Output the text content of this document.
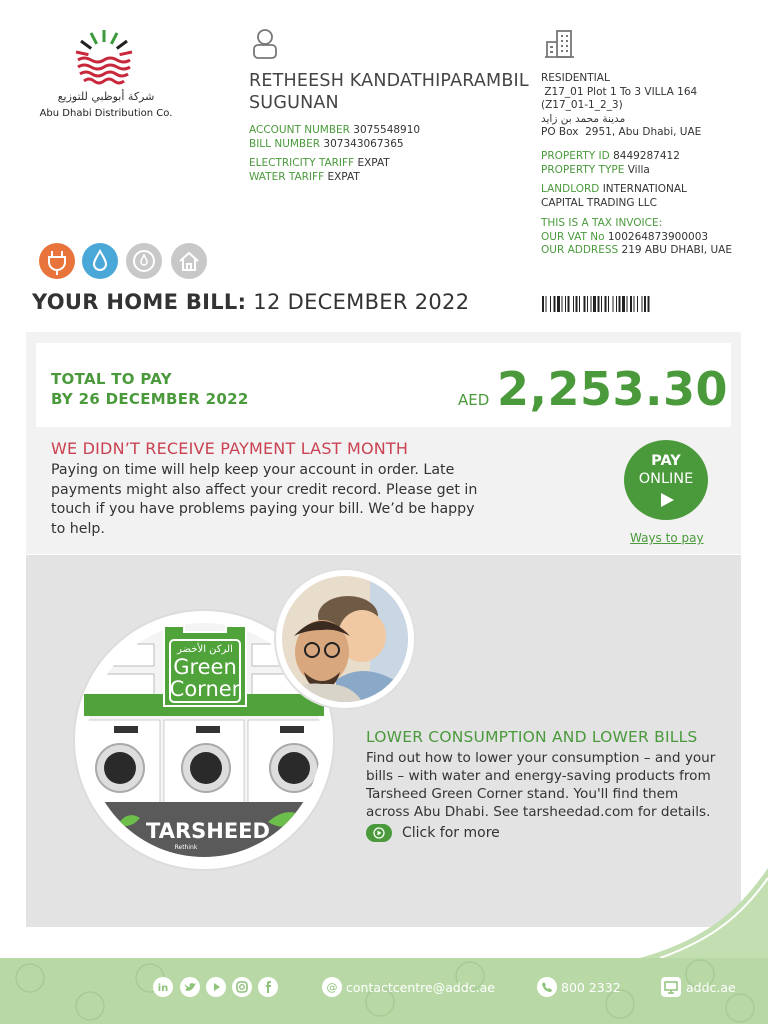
شركة أبوظبي للتوزيع
Abu Dhabi Distribution Co.
RETHEESH KANDATHIPARAMBIL SUGUNAN
ACCOUNT NUMBER 3075548910
BILL NUMBER 307343067365
ELECTRICITY TARIFF EXPAT
WATER TARIFF EXPAT
RESIDENTIAL
Z17_01 Plot 1 To 3 VILLA 164
(Z17_01-1_2_3)
مدينة محمد بن زايد
PO Box  2951, Abu Dhabi, UAE
PROPERTY ID 8449287412
PROPERTY TYPE Villa
LANDLORD INTERNATIONAL
CAPITAL TRADING LLC
THIS IS A TAX INVOICE:
OUR VAT No 100264873900003
OUR ADDRESS 219 ABU DHABI, UAE
YOUR HOME BILL: 12 DECEMBER 2022
TOTAL TO PAY
BY 26 DECEMBER 2022	AED 2,253.30
WE DIDN’T RECEIVE PAYMENT LAST MONTH
Paying on time will help keep your account in order. Late payments might also affect your credit record. Please get in touch if you have problems paying your bill. We’d be happy to help.
PAY
ONLINE
Ways to pay
الركن الأخضر
Green
Corner
TARSHEED
Rethink
LOWER CONSUMPTION AND LOWER BILLS
Find out how to lower your consumption – and your bills – with water and energy-saving products from Tarsheed Green Corner stand. You'll find them across Abu Dhabi. See tarsheedad.com for details.
Click for more
in	@ contactcentre@addc.ae	800 2332	addc.ae
